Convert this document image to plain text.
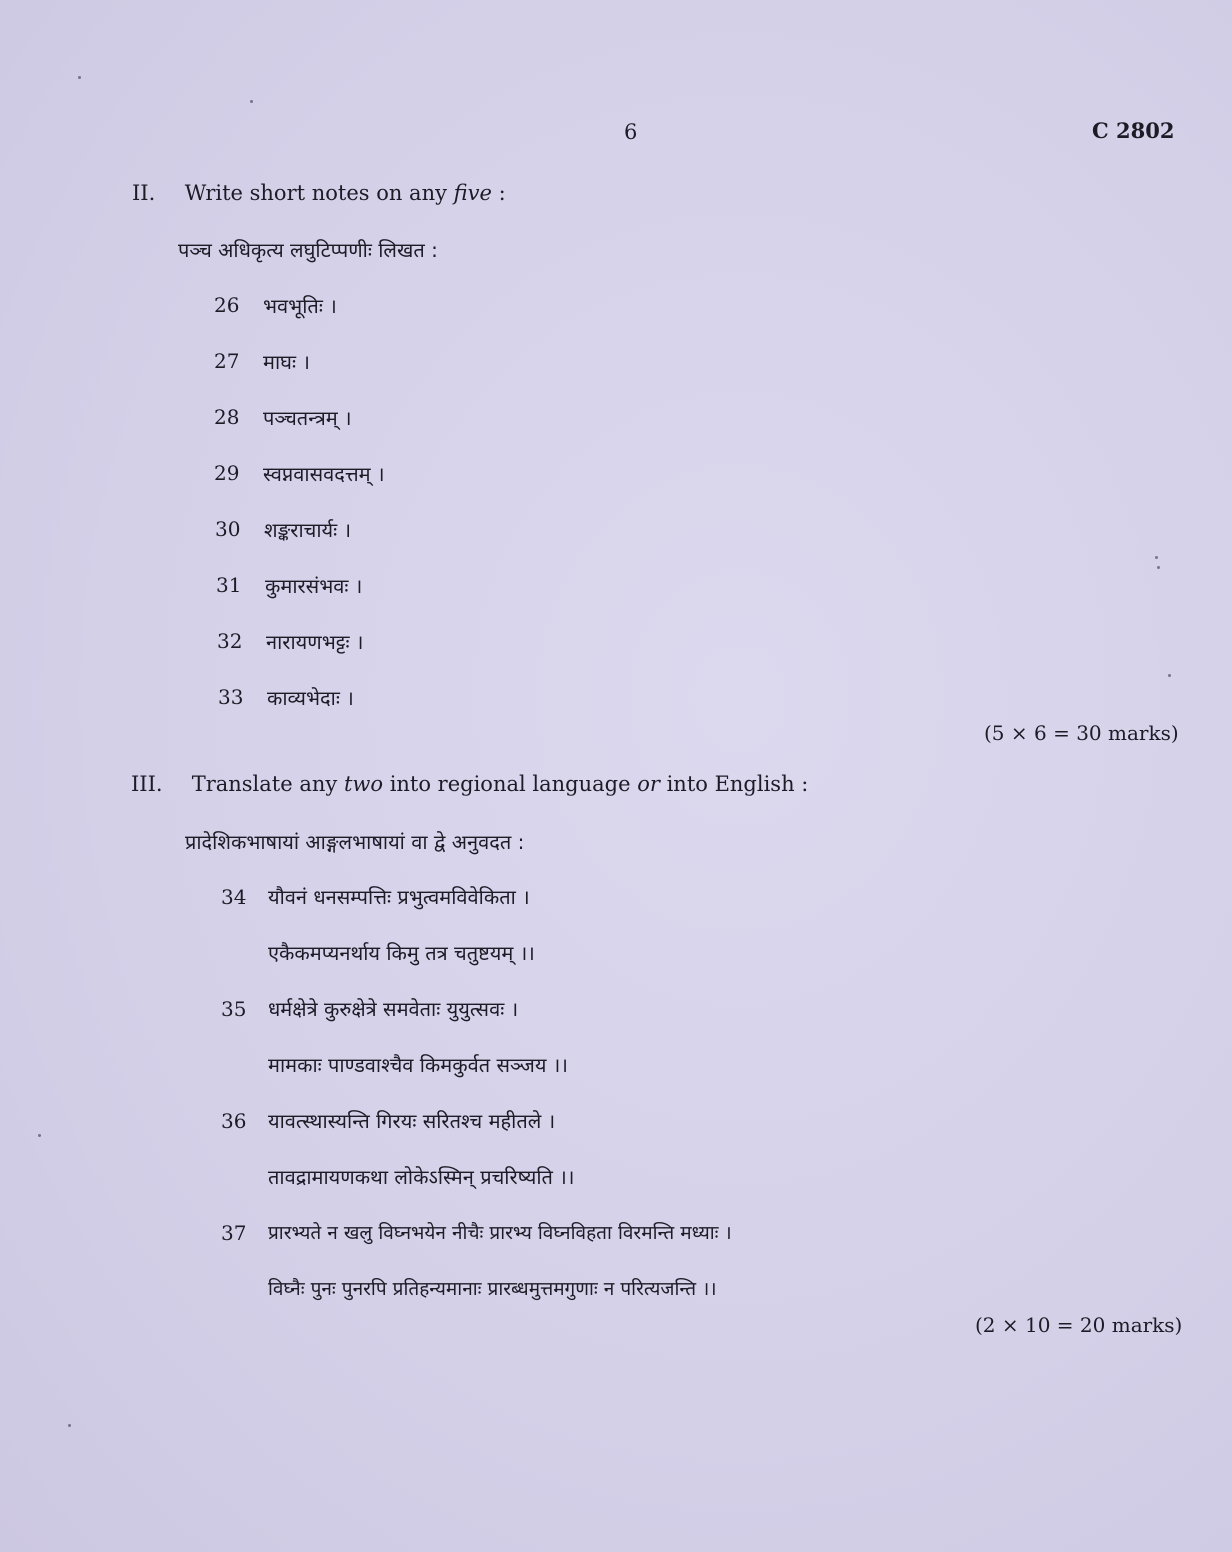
6	C 2802
II. Write short notes on any five :
पञ्च अधिकृत्य लघुटिप्पणीः लिखत :
26 भवभूतिः ।
27 माघः ।
28 पञ्चतन्त्रम् ।
29 स्वप्नवासवदत्तम् ।
30 शङ्कराचार्यः ।
31 कुमारसंभवः ।
32 नारायणभट्टः ।
33 काव्यभेदाः ।
(5 × 6 = 30 marks)
III. Translate any two into regional language or into English :
प्रादेशिकभाषायां आङ्गलभाषायां वा द्वे अनुवदत :
34 यौवनं धनसम्पत्तिः प्रभुत्वमविवेकिता ।
एकैकमप्यनर्थाय किमु तत्र चतुष्टयम् ।।
35 धर्मक्षेत्रे कुरुक्षेत्रे समवेताः युयुत्सवः ।
मामकाः पाण्डवाश्चैव किमकुर्वत सञ्जय ।।
36 यावत्स्थास्यन्ति गिरयः सरितश्च महीतले ।
तावद्रामायणकथा लोकेऽस्मिन् प्रचरिष्यति ।।
37 प्रारभ्यते न खलु विघ्नभयेन नीचैः प्रारभ्य विघ्नविहता विरमन्ति मध्याः ।
विघ्नैः पुनः पुनरपि प्रतिहन्यमानाः प्रारब्धमुत्तमगुणाः न परित्यजन्ति ।।
(2 × 10 = 20 marks)
